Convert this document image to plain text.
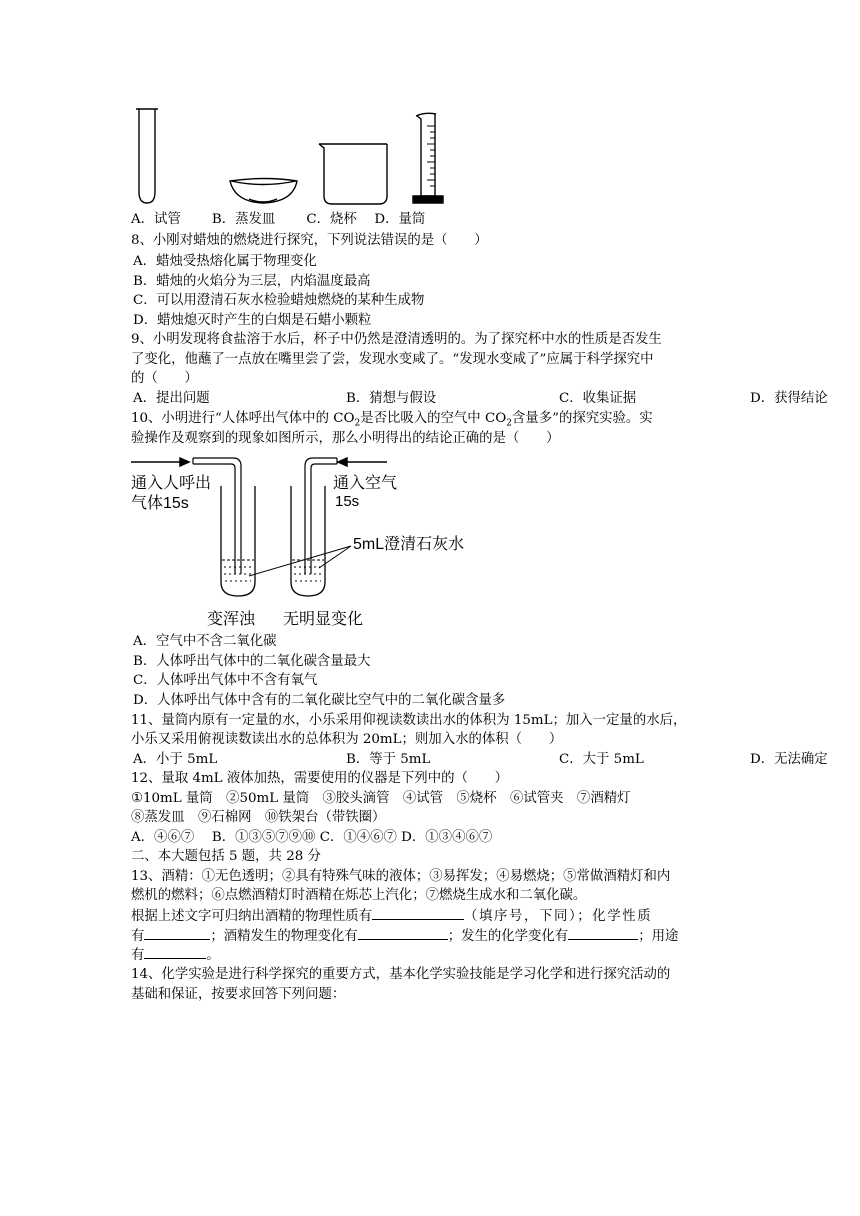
A．试管 　　B．蒸发皿 　　C．烧杯 　D．量筒
8、小刚对蜡烛的燃烧进行探究，下列说法错误的是（　　）
A．蜡烛受热熔化属于物理变化
B．蜡烛的火焰分为三层，内焰温度最高
C．可以用澄清石灰水检验蜡烛燃烧的某种生成物
D．蜡烛熄灭时产生的白烟是石蜡小颗粒
9、小明发现将食盐溶于水后，杯子中仍然是澄清透明的。为了探究杯中水的性质是否发生
了变化，他蘸了一点放在嘴里尝了尝，发现水变咸了。“发现水变咸了”应属于科学探究中
的（　　）
A．提出问题	B．猜想与假设	C．收集证据	D．获得结论
10、小明进行“人体呼出气体中的 $CO_2$是否比吸入的空气中 $CO_2$含量多”的探究实验。实
验操作及观察到的现象如图所示，那么小明得出的结论正确的是（　　）
通入人呼出
气体15s
通入空气
15s
5mL澄清石灰水
变浑浊 无明显变化
A．空气中不含二氧化碳
B．人体呼出气体中的二氧化碳含量最大
C．人体呼出气体中不含有氧气
D．人体呼出气体中含有的二氧化碳比空气中的二氧化碳含量多
11、量筒内原有一定量的水，小乐采用仰视读数读出水的体积为 15mL；加入一定量的水后，
小乐又采用俯视读数读出水的总体积为 20mL；则加入水的体积（　　）
A．小于 5mL	B．等于 5mL	C．大于 5mL	D．无法确定
12、量取 4mL 液体加热，需要使用的仪器是下列中的（　　）
①10mL 量筒　②50mL 量筒　③胶头滴管　④试管　⑤烧杯　⑥试管夹　⑦酒精灯
⑧蒸发皿　⑨石棉网　⑩铁架台（带铁圈）
A．④⑥⑦　 B．①③⑤⑦⑨⑩ C．①④⑥⑦ D．①③④⑥⑦
二、本大题包括 5 题，共 28 分
13、酒精：①无色透明；②具有特殊气味的液体；③易挥发；④易燃烧；⑤常做酒精灯和内
燃机的燃料；⑥点燃酒精灯时酒精在烁芯上汽化；⑦燃烧生成水和二氧化碳。
根据上述文字可归纳出酒精的物理性质有	（填序号，下同）；化学性质
有	；酒精发生的物理变化有	；发生的化学变化有	；用途
有	。
14、化学实验是进行科学探究的重要方式，基本化学实验技能是学习化学和进行探究活动的
基础和保证，按要求回答下列问题：
